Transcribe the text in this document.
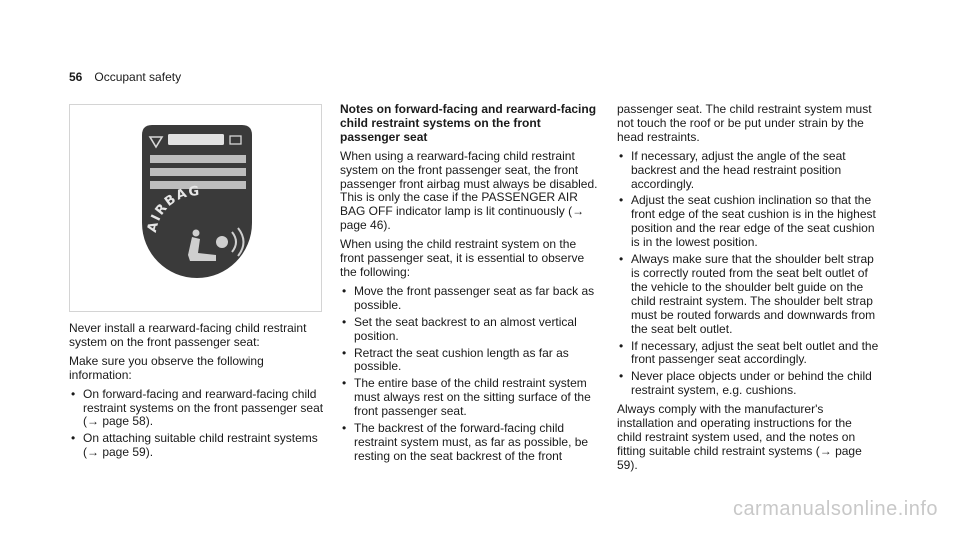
56 Occupant safety
AIRBAG

Never install a rearward-facing child restraint system on the front passenger seat:

Make sure you observe the following information:

• On forward-facing and rearward-facing child restraint systems on the front passenger seat (→ page 58).
• On attaching suitable child restraint systems (→ page 59).

Notes on forward-facing and rearward-facing child restraint systems on the front passenger seat

When using a rearward-facing child restraint system on the front passenger seat, the front passenger front airbag must always be disabled. This is only the case if the PASSENGER AIR BAG OFF indicator lamp is lit continuously (→ page 46).

When using the child restraint system on the front passenger seat, it is essential to observe the following:

• Move the front passenger seat as far back as possible.
• Set the seat backrest to an almost vertical position.
• Retract the seat cushion length as far as possible.
• The entire base of the child restraint system must always rest on the sitting surface of the front passenger seat.
• The backrest of the forward-facing child restraint system must, as far as possible, be resting on the seat backrest of the front

passenger seat. The child restraint system must not touch the roof or be put under strain by the head restraints.

• If necessary, adjust the angle of the seat backrest and the head restraint position accordingly.
• Adjust the seat cushion inclination so that the front edge of the seat cushion is in the highest position and the rear edge of the seat cushion is in the lowest position.
• Always make sure that the shoulder belt strap is correctly routed from the seat belt outlet of the vehicle to the shoulder belt guide on the child restraint system. The shoulder belt strap must be routed forwards and downwards from the seat belt outlet.
• If necessary, adjust the seat belt outlet and the front passenger seat accordingly.
• Never place objects under or behind the child restraint system, e.g. cushions.

Always comply with the manufacturer's installation and operating instructions for the child restraint system used, and the notes on fitting suitable child restraint systems (→ page 59).

carmanualsonline.info
